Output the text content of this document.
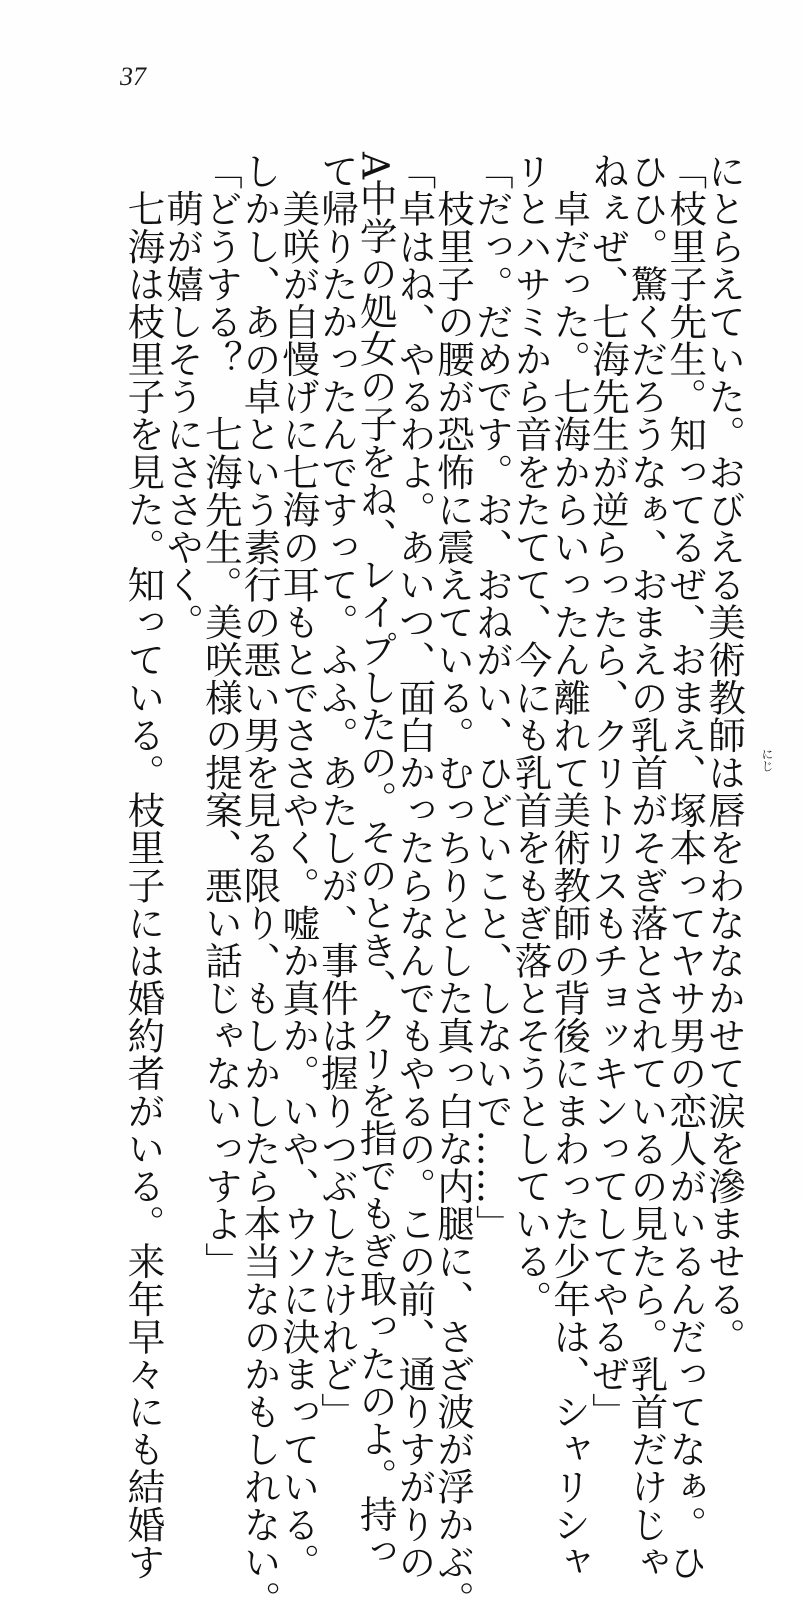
37
にじ
にとらえていた。おびえる美術教師は唇をわななかせて涙を滲ませる。
「枝里子先生。知ってるぜ、おまえ、塚本ってヤサ男の恋人がいるんだってなぁ。ひ
ひひ。驚くだろうなぁ、おまえの乳首がそぎ落とされているの見たら。乳首だけじゃ
ねぇぜ、七海先生が逆らったら、クリトリスもチョッキンってしてやるぜ」
　卓だった。七海からいったん離れて美術教師の背後にまわった少年は、シャリシャ
リとハサミから音をたてて、今にも乳首をもぎ落とそうとしている。
「だっ。だめです。お、おねがい、ひどいこと、しないで……」
　枝里子の腰が恐怖に震えている。むっちりとした真っ白な内腿に、さざ波が浮かぶ。
「卓はね、やるわよ。あいつ、面白かったらなんでもやるの。この前、通りすがりの
A中学の処女の子をね、レイプしたの。そのとき、クリを指でもぎ取ったのよ。持っ
て帰りたかったんですって。ふふ。あたしが、事件は握りつぶしたけれど」
　美咲が自慢げに七海の耳もとでささやく。嘘か真か。いや、ウソに決まっている。
しかし、あの卓という素行の悪い男を見る限り、もしかしたら本当なのかもしれない。
「どうする？　七海先生。美咲様の提案、悪い話じゃないっすよ」
　萌が嬉しそうにささやく。
　七海は枝里子を見た。知っている。枝里子には婚約者がいる。来年早々にも結婚す
